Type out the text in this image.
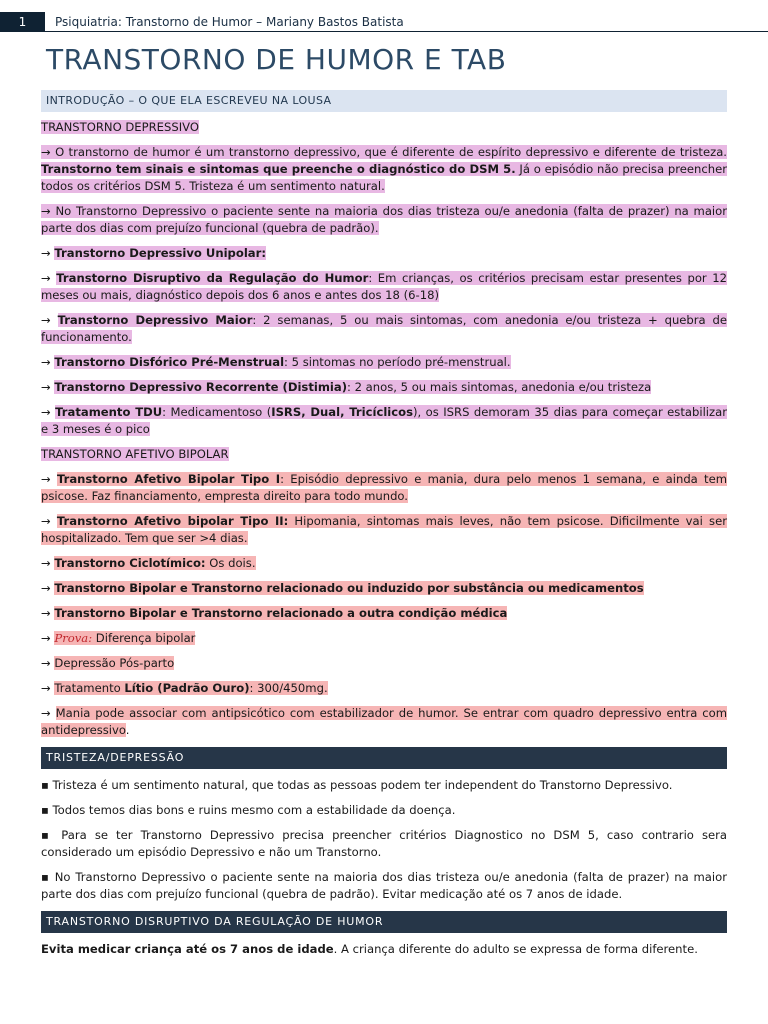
1	Psiquiatria: Transtorno de Humor – Mariany Bastos Batista
TRANSTORNO DE HUMOR E TAB
INTRODUÇÃO – O QUE ELA ESCREVEU NA LOUSA

TRANSTORNO DEPRESSIVO

→ O transtorno de humor é um transtorno depressivo, que é diferente de espírito depressivo e diferente de tristeza. Transtorno tem sinais e sintomas que preenche o diagnóstico do DSM 5. Já o episódio não precisa preencher todos os critérios DSM 5. Tristeza é um sentimento natural.

→ No Transtorno Depressivo o paciente sente na maioria dos dias tristeza ou/e anedonia (falta de prazer) na maior parte dos dias com prejuízo funcional (quebra de padrão).

→ Transtorno Depressivo Unipolar:

→ Transtorno Disruptivo da Regulação do Humor: Em crianças, os critérios precisam estar presentes por 12 meses ou mais, diagnóstico depois dos 6 anos e antes dos 18 (6-18)

→ Transtorno Depressivo Maior: 2 semanas, 5 ou mais sintomas, com anedonia e/ou tristeza + quebra de funcionamento.

→ Transtorno Disfórico Pré-Menstrual: 5 sintomas no período pré-menstrual.

→ Transtorno Depressivo Recorrente (Distimia): 2 anos, 5 ou mais sintomas, anedonia e/ou tristeza

→ Tratamento TDU: Medicamentoso (ISRS, Dual, Tricíclicos), os ISRS demoram 35 dias para começar estabilizar e 3 meses é o pico

TRANSTORNO AFETIVO BIPOLAR

→ Transtorno Afetivo Bipolar Tipo I: Episódio depressivo e mania, dura pelo menos 1 semana, e ainda tem psicose. Faz financiamento, empresta direito para todo mundo.

→ Transtorno Afetivo bipolar Tipo II: Hipomania, sintomas mais leves, não tem psicose. Dificilmente vai ser hospitalizado. Tem que ser >4 dias.

→ Transtorno Ciclotímico: Os dois.

→ Transtorno Bipolar e Transtorno relacionado ou induzido por substância ou medicamentos

→ Transtorno Bipolar e Transtorno relacionado a outra condição médica

→ Prova: Diferença bipolar

→ Depressão Pós-parto

→ Tratamento Lítio (Padrão Ouro): 300/450mg.

→ Mania pode associar com antipsicótico com estabilizador de humor. Se entrar com quadro depressivo entra com antidepressivo.

TRISTEZA/DEPRESSÃO

▪ Tristeza é um sentimento natural, que todas as pessoas podem ter independent do Transtorno Depressivo.

▪ Todos temos dias bons e ruins mesmo com a estabilidade da doença.

▪ Para se ter Transtorno Depressivo precisa preencher critérios Diagnostico no DSM 5, caso contrario sera considerado um episódio Depressivo e não um Transtorno.

▪ No Transtorno Depressivo o paciente sente na maioria dos dias tristeza ou/e anedonia (falta de prazer) na maior parte dos dias com prejuízo funcional (quebra de padrão). Evitar medicação até os 7 anos de idade.

TRANSTORNO DISRUPTIVO DA REGULAÇÃO DE HUMOR

Evita medicar criança até os 7 anos de idade. A criança diferente do adulto se expressa de forma diferente.
